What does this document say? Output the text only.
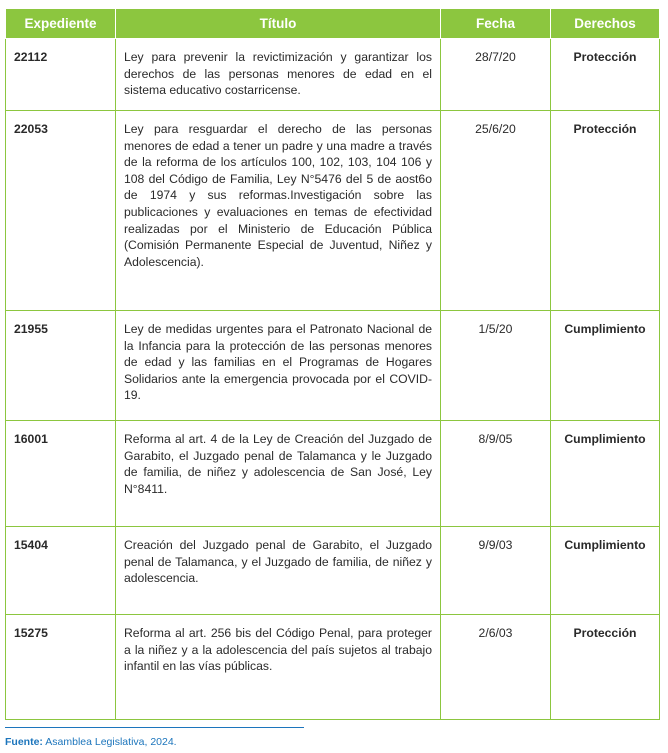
Expediente	Título	Fecha	Derechos
22112	Ley para prevenir la revictimización y garantizar los derechos de las personas menores de edad en el sistema educativo costarricense.	28/7/20	Protección
22053	Ley para resguardar el derecho de las personas menores de edad a tener un padre y una madre a través de la reforma de los artículos 100, 102, 103, 104 106 y 108 del Código de Familia, Ley N°5476 del 5 de aost6o de 1974 y sus reformas.Investigación sobre las publicaciones y evaluaciones en temas de efectividad realizadas por el Ministerio de Educación Pública (Comisión Permanente Especial de Juventud, Niñez y Adolescencia).	25/6/20	Protección
21955	Ley de medidas urgentes para el Patronato Nacional de la Infancia para la protección de las personas menores de edad y las familias en el Programas de Hogares Solidarios ante la emergencia provocada por el COVID-19.	1/5/20	Cumplimiento
16001	Reforma al art. 4 de la Ley de Creación del Juzgado de Garabito, el Juzgado penal de Talamanca y le Juzgado de familia, de niñez y adolescencia de San José, Ley N°8411.	8/9/05	Cumplimiento
15404	Creación del Juzgado penal de Garabito, el Juzgado penal de Talamanca, y el Juzgado de familia, de niñez y adolescencia.	9/9/03	Cumplimiento
15275	Reforma al art. 256 bis del Código Penal, para proteger a la niñez y a la adolescencia del país sujetos al trabajo infantil en las vías públicas.	2/6/03	Protección
Fuente: Asamblea Legislativa, 2024.
